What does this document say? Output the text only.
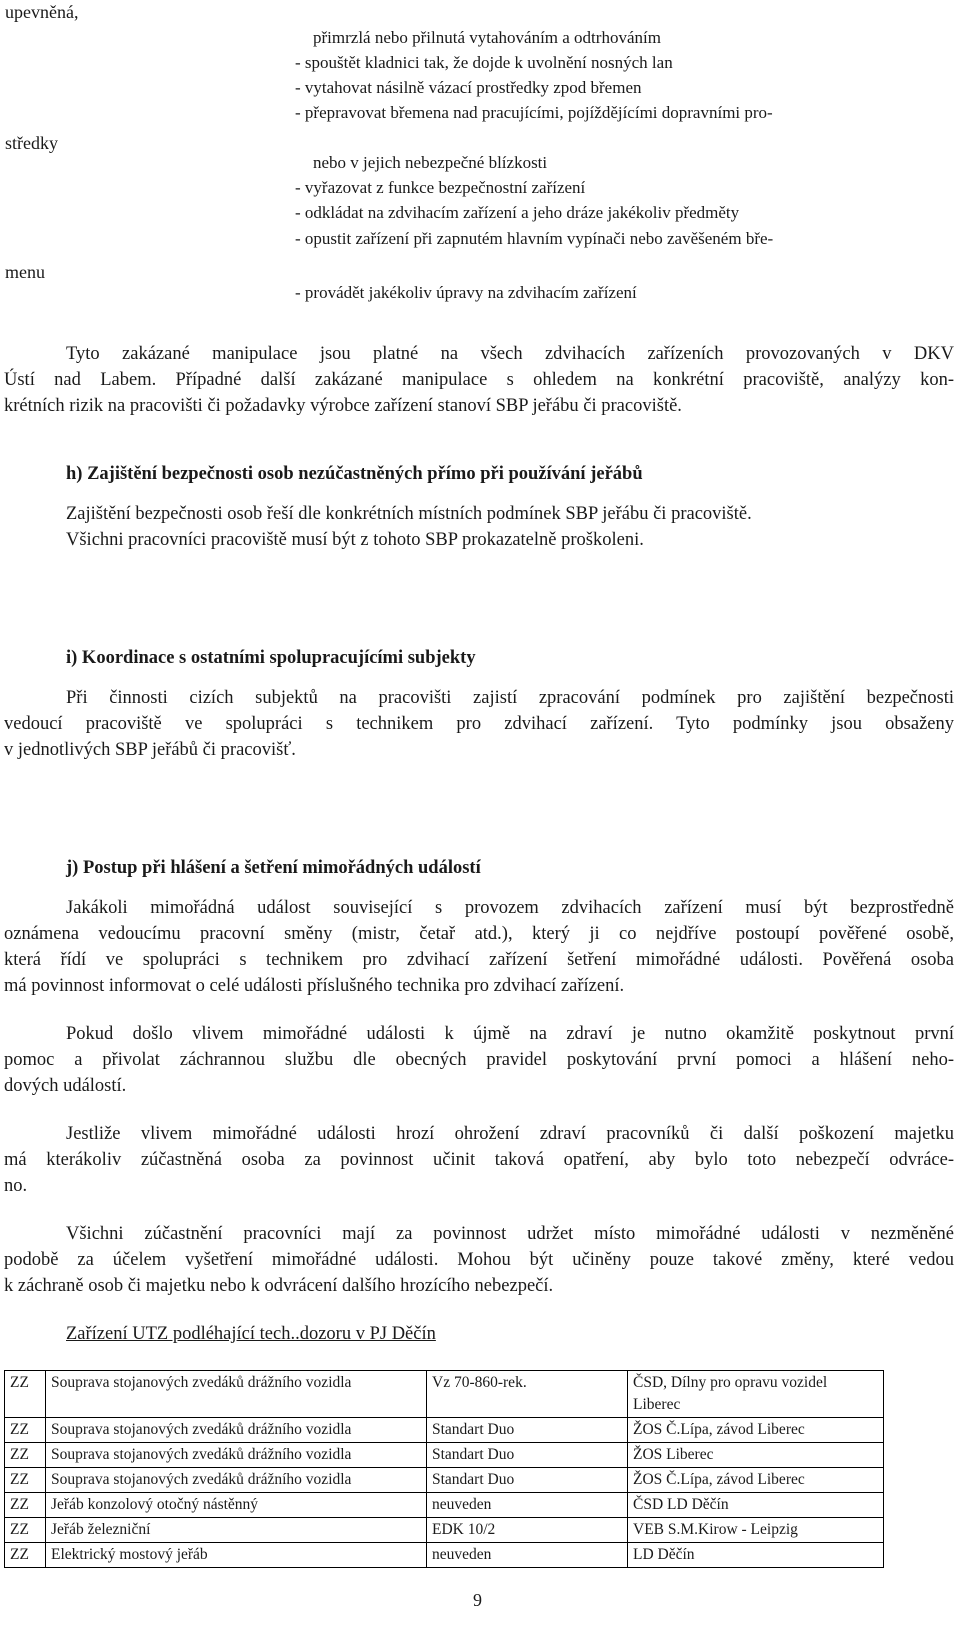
upevněná,
středky
menu
přimrzlá nebo přilnutá vytahováním a odtrhováním
- spouštět kladnici tak, že dojde k uvolnění nosných lan
- vytahovat násilně vázací prostředky zpod břemen
- přepravovat břemena nad pracujícími, pojíždějícími dopravními pro-
nebo v jejich nebezpečné blízkosti
- vyřazovat z funkce bezpečnostní zařízení
- odkládat na zdvihacím zařízení a jeho dráze jakékoliv předměty
- opustit zařízení při zapnutém hlavním vypínači nebo zavěšeném bře-
- provádět jakékoliv úpravy na zdvihacím zařízení
Tyto zakázané manipulace jsou platné na všech zdvihacích zařízeních provozovaných v DKV
Ústí nad Labem. Případné další zakázané manipulace s ohledem na konkrétní pracoviště, analýzy kon-
krétních rizik na pracovišti či požadavky výrobce zařízení stanoví SBP jeřábu či pracoviště.
h) Zajištění bezpečnosti osob nezúčastněných přímo při používání jeřábů
Zajištění bezpečnosti osob řeší dle konkrétních místních podmínek SBP jeřábu či pracoviště.
Všichni pracovníci pracoviště musí být z tohoto SBP prokazatelně proškoleni.
i) Koordinace s ostatními spolupracujícími subjekty
Při činnosti cizích subjektů na pracovišti zajistí zpracování podmínek pro zajištění bezpečnosti
vedoucí pracoviště ve spolupráci s technikem pro zdvihací zařízení. Tyto podmínky jsou obsaženy
v jednotlivých SBP jeřábů či pracovišť.
j) Postup při hlášení a šetření mimořádných událostí
Jakákoli mimořádná událost související s provozem zdvihacích zařízení musí být bezprostředně
oznámena vedoucímu pracovní směny (mistr, četař atd.), který ji co nejdříve postoupí pověřené osobě,
která řídí ve spolupráci s technikem pro zdvihací zařízení šetření mimořádné události. Pověřená osoba
má povinnost informovat o celé události příslušného technika pro zdvihací zařízení.
Pokud došlo vlivem mimořádné události k újmě na zdraví je nutno okamžitě poskytnout první
pomoc a přivolat záchrannou službu dle obecných pravidel poskytování první pomoci a hlášení neho-
dových událostí.
Jestliže vlivem mimořádné události hrozí ohrožení zdraví pracovníků či další poškození majetku
má kterákoliv zúčastněná osoba za povinnost učinit taková opatření, aby bylo toto nebezpečí odvráce-
no.
Všichni zúčastnění pracovníci mají za povinnost udržet místo mimořádné události v nezměněné
podobě za účelem vyšetření mimořádné události. Mohou být učiněny pouze takové změny, které vedou
k záchraně osob či majetku nebo k odvrácení dalšího hrozícího nebezpečí.
Zařízení UTZ podléhající tech..dozoru v PJ Děčín
ZZ	Souprava stojanových zvedáků drážního vozidla	Vz 70-860-rek.	ČSD, Dílny pro opravu vozidel Liberec
ZZ	Souprava stojanových zvedáků drážního vozidla	Standart Duo	ŽOS Č.Lípa, závod Liberec
ZZ	Souprava stojanových zvedáků drážního vozidla	Standart Duo	ŽOS Liberec
ZZ	Souprava stojanových zvedáků drážního vozidla	Standart Duo	ŽOS Č.Lípa, závod Liberec
ZZ	Jeřáb konzolový otočný nástěnný	neuveden	ČSD LD Děčín
ZZ	Jeřáb železniční	EDK 10/2	VEB S.M.Kirow - Leipzig
ZZ	Elektrický mostový jeřáb	neuveden	LD Děčín
9
